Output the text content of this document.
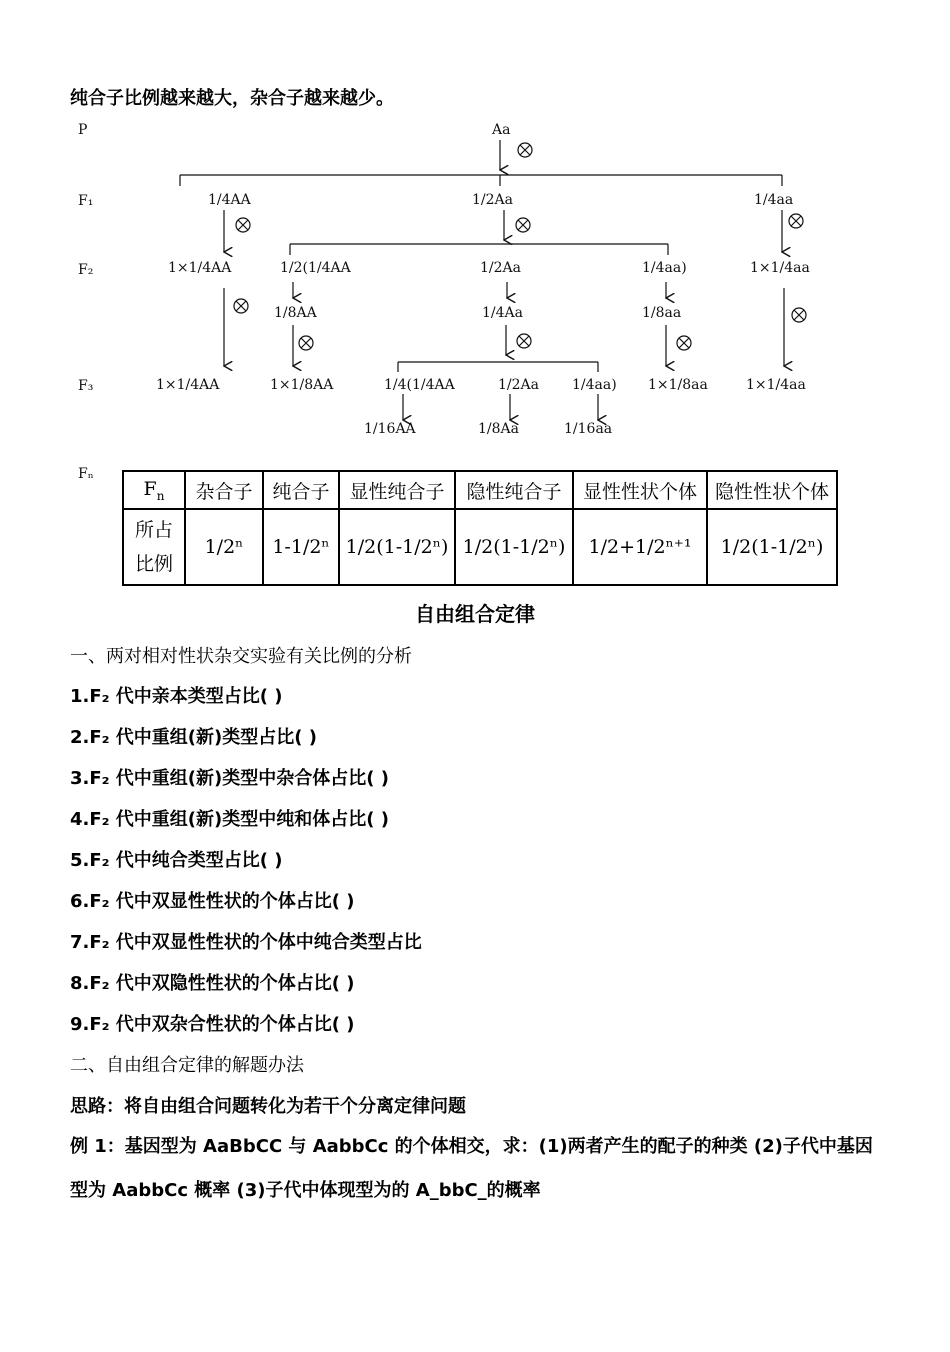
纯合子比例越来越大，杂合子越来越少。
P
F₁
F₂
F₃
Fₙ
Aa
1/4AA	1/2Aa	1/4aa
1×1/4AA	1/2(1/4AA	1/2Aa	1/4aa)	1×1/4aa
1/8AA	1/4Aa	1/8aa
1×1/4AA	1×1/8AA	1/4(1/4AA	1/2Aa 1/4aa) 1×1/8aa	1×1/4aa
1/16AA	1/8Aa	1/16aa
$F_n$	杂合子	纯合子	显性纯合子	隐性纯合子	显性性状个体	隐性性状个体
所占比例	1/2ⁿ	1-1/2ⁿ	1/2(1-1/2ⁿ)	1/2(1-1/2ⁿ)	1/2+1/2ⁿ⁺¹	1/2(1-1/2ⁿ)
自由组合定律
一、两对相对性状杂交实验有关比例的分析
1.F₂ 代中亲本类型占比( )
2.F₂ 代中重组(新)类型占比( )
3.F₂ 代中重组(新)类型中杂合体占比( )
4.F₂ 代中重组(新)类型中纯和体占比( )
5.F₂ 代中纯合类型占比( )
6.F₂ 代中双显性性状的个体占比( )
7.F₂ 代中双显性性状的个体中纯合类型占比
8.F₂ 代中双隐性性状的个体占比( )
9.F₂ 代中双杂合性状的个体占比( )
二、自由组合定律的解题办法
思路：将自由组合问题转化为若干个分离定律问题
例 1：基因型为 AaBbCC 与 AabbCc 的个体相交，求：(1)两者产生的配子的种类 (2)子代中基因
型为 AabbCc 概率 (3)子代中体现型为的 A_bbC_的概率
